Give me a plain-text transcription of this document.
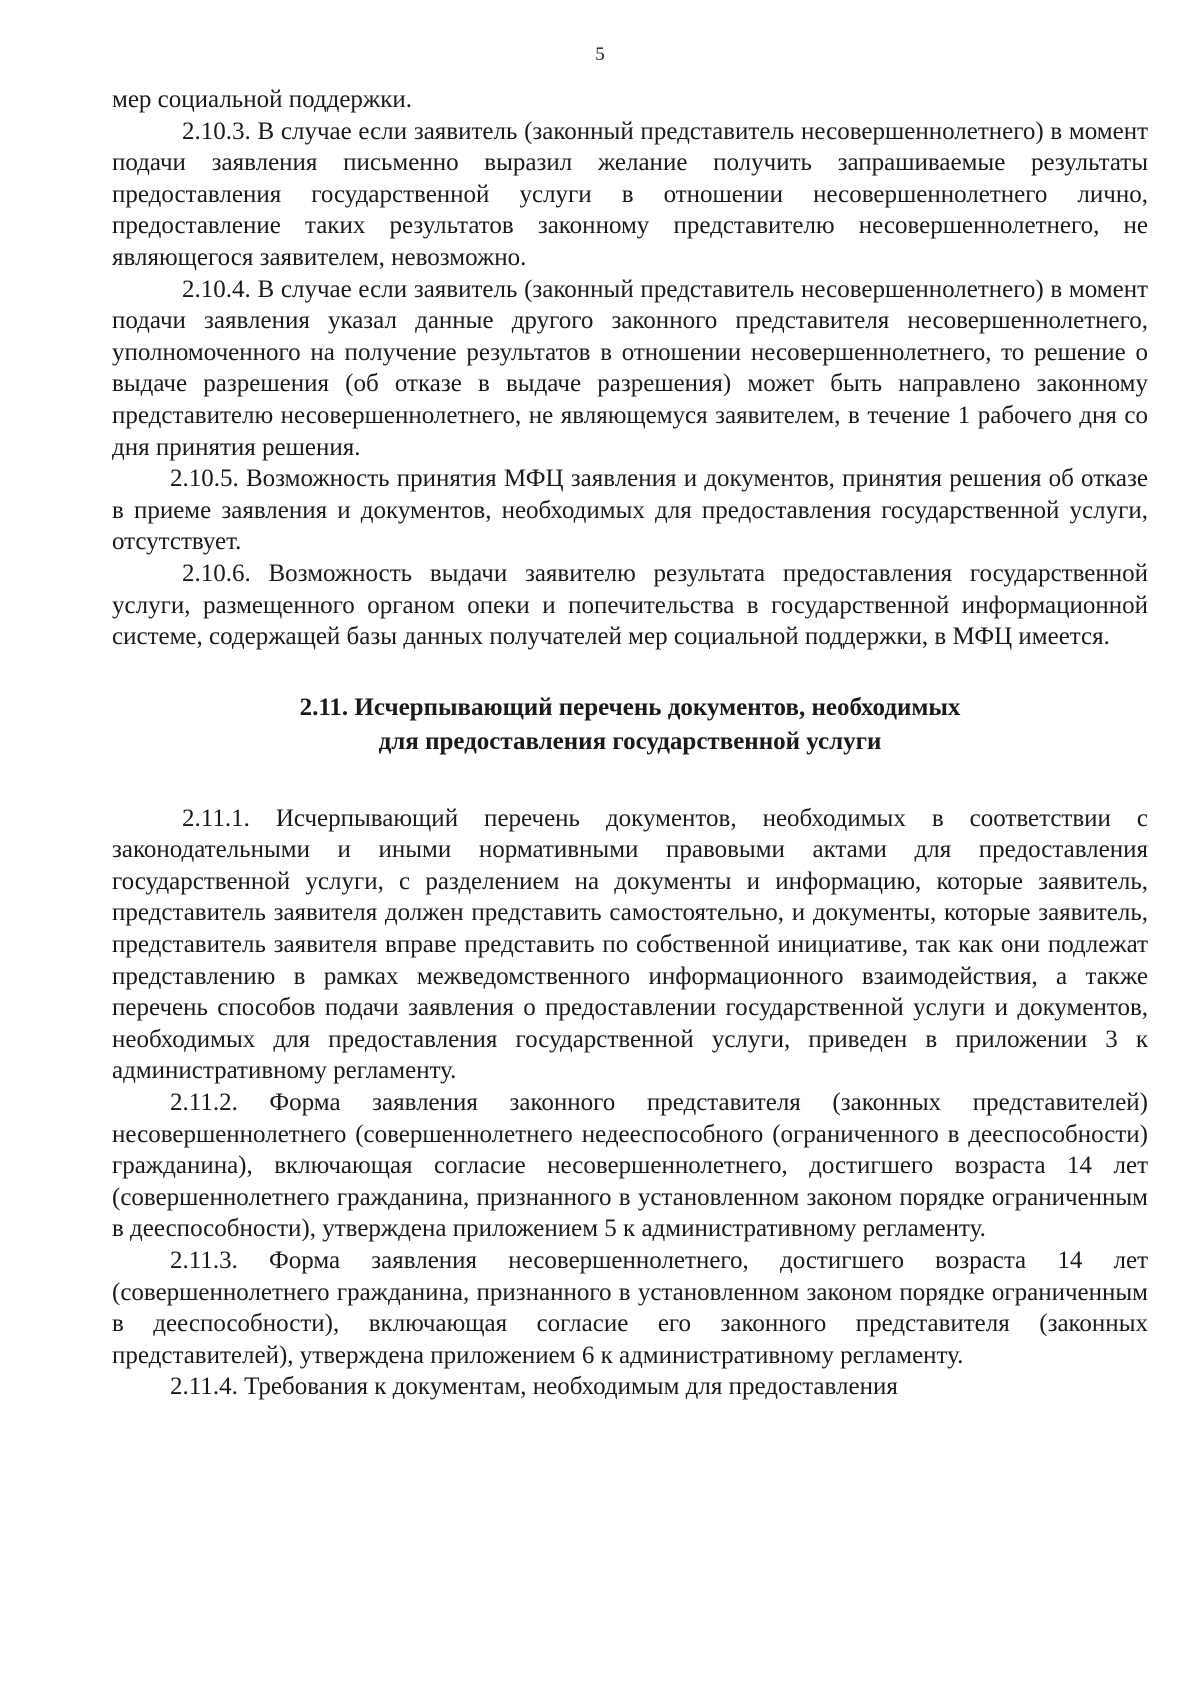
5

мер социальной поддержки.

2.10.3. В случае если заявитель (законный представитель несовершеннолетнего) в момент подачи заявления письменно выразил желание получить запрашиваемые результаты предоставления государственной услуги в отношении несовершеннолетнего лично, предоставление таких результатов законному представителю несовершеннолетнего, не являющегося заявителем, невозможно.

2.10.4. В случае если заявитель (законный представитель несовершеннолетнего) в момент подачи заявления указал данные другого законного представителя несовершеннолетнего, уполномоченного на получение результатов в отношении несовершеннолетнего, то решение о выдаче разрешения (об отказе в выдаче разрешения) может быть направлено законному представителю несовершеннолетнего, не являющемуся заявителем, в течение 1 рабочего дня со дня принятия решения.

2.10.5. Возможность принятия МФЦ заявления и документов, принятия решения об отказе в приеме заявления и документов, необходимых для предоставления государственной услуги, отсутствует.

2.10.6. Возможность выдачи заявителю результата предоставления государственной услуги, размещенного органом опеки и попечительства в государственной информационной системе, содержащей базы данных получателей мер социальной поддержки, в МФЦ имеется.

2.11. Исчерпывающий перечень документов, необходимых
для предоставления государственной услуги

2.11.1. Исчерпывающий перечень документов, необходимых в соответствии с законодательными и иными нормативными правовыми актами для предоставления государственной услуги, с разделением на документы и информацию, которые заявитель, представитель заявителя должен представить самостоятельно, и документы, которые заявитель, представитель заявителя вправе представить по собственной инициативе, так как они подлежат представлению в рамках межведомственного информационного взаимодействия, а также перечень способов подачи заявления о предоставлении государственной услуги и документов, необходимых для предоставления государственной услуги, приведен в приложении 3 к административному регламенту.

2.11.2. Форма заявления законного представителя (законных представителей) несовершеннолетнего (совершеннолетнего недееспособного (ограниченного в дееспособности) гражданина), включающая согласие несовершеннолетнего, достигшего возраста 14 лет (совершеннолетнего гражданина, признанного в установленном законом порядке ограниченным в дееспособности), утверждена приложением 5 к административному регламенту.

2.11.3. Форма заявления несовершеннолетнего, достигшего возраста 14 лет (совершеннолетнего гражданина, признанного в установленном законом порядке ограниченным в дееспособности), включающая согласие его законного представителя (законных представителей), утверждена приложением 6 к административному регламенту.

2.11.4. Требования к документам, необходимым для предоставления
